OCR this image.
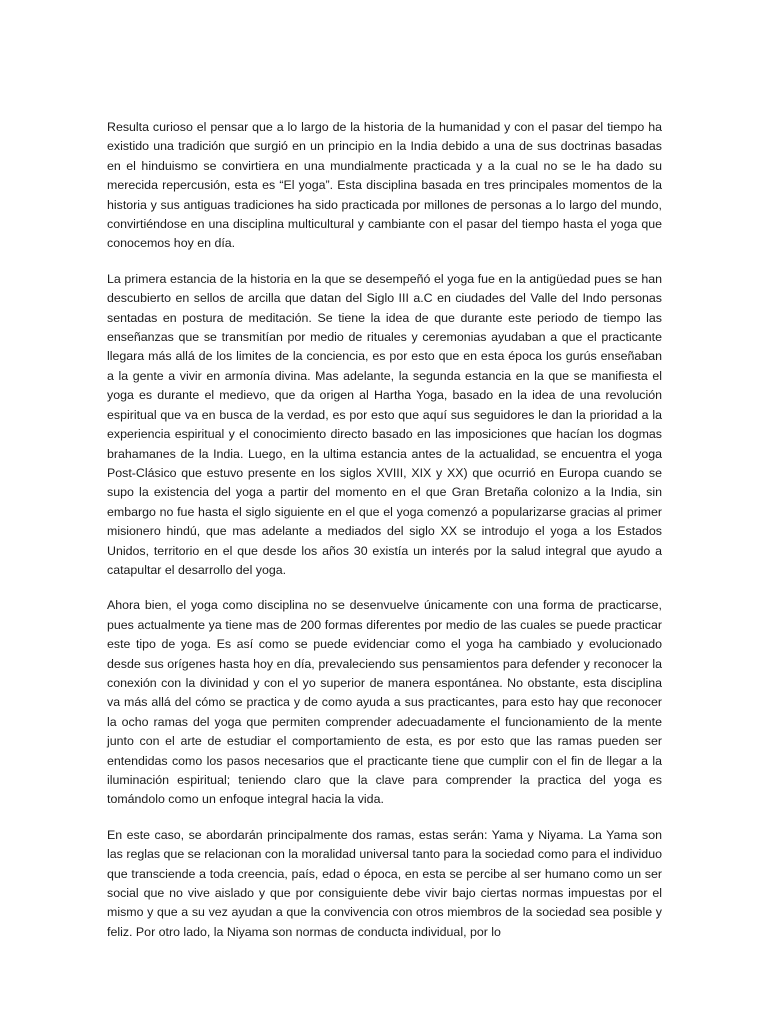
Resulta curioso el pensar que a lo largo de la historia de la humanidad y con el pasar del tiempo ha existido una tradición que surgió en un principio en la India debido a una de sus doctrinas basadas en el hinduismo se convirtiera en una mundialmente practicada y a la cual no se le ha dado su merecida repercusión, esta es “El yoga”. Esta disciplina basada en tres principales momentos de la historia y sus antiguas tradiciones ha sido practicada por millones de personas a lo largo del mundo, convirtiéndose en una disciplina multicultural y cambiante con el pasar del tiempo hasta el yoga que conocemos hoy en día.

La primera estancia de la historia en la que se desempeñó el yoga fue en la antigüedad pues se han descubierto en sellos de arcilla que datan del Siglo III a.C en ciudades del Valle del Indo personas sentadas en postura de meditación. Se tiene la idea de que durante este periodo de tiempo las enseñanzas que se transmitían por medio de rituales y ceremonias ayudaban a que el practicante llegara más allá de los limites de la conciencia, es por esto que en esta época los gurús enseñaban a la gente a vivir en armonía divina. Mas adelante, la segunda estancia en la que se manifiesta el yoga es durante el medievo, que da origen al Hartha Yoga, basado en la idea de una revolución espiritual que va en busca de la verdad, es por esto que aquí sus seguidores le dan la prioridad a la experiencia espiritual y el conocimiento directo basado en las imposiciones que hacían los dogmas brahamanes de la India. Luego, en la ultima estancia antes de la actualidad, se encuentra el yoga Post-Clásico que estuvo presente en los siglos XVIII, XIX y XX) que ocurrió en Europa cuando se supo la existencia del yoga a partir del momento en el que Gran Bretaña colonizo a la India, sin embargo no fue hasta el siglo siguiente en el que el yoga comenzó a popularizarse gracias al primer misionero hindú, que mas adelante a mediados del siglo XX se introdujo el yoga a los Estados Unidos, territorio en el que desde los años 30 existía un interés por la salud integral que ayudo a catapultar el desarrollo del yoga.

Ahora bien, el yoga como disciplina no se desenvuelve únicamente con una forma de practicarse, pues actualmente ya tiene mas de 200 formas diferentes por medio de las cuales se puede practicar este tipo de yoga. Es así como se puede evidenciar como el yoga ha cambiado y evolucionado desde sus orígenes hasta hoy en día, prevaleciendo sus pensamientos para defender y reconocer la conexión con la divinidad y con el yo superior de manera espontánea. No obstante, esta disciplina va más allá del cómo se practica y de como ayuda a sus practicantes, para esto hay que reconocer la ocho ramas del yoga que permiten comprender adecuadamente el funcionamiento de la mente junto con el arte de estudiar el comportamiento de esta, es por esto que las ramas pueden ser entendidas como los pasos necesarios que el practicante tiene que cumplir con el fin de llegar a la iluminación espiritual; teniendo claro que la clave para comprender la practica del yoga es tomándolo como un enfoque integral hacia la vida.

En este caso, se abordarán principalmente dos ramas, estas serán: Yama y Niyama. La Yama son las reglas que se relacionan con la moralidad universal tanto para la sociedad como para el individuo que transciende a toda creencia, país, edad o época, en esta se percibe al ser humano como un ser social que no vive aislado y que por consiguiente debe vivir bajo ciertas normas impuestas por el mismo y que a su vez ayudan a que la convivencia con otros miembros de la sociedad sea posible y feliz. Por otro lado, la Niyama son normas de conducta individual, por lo
